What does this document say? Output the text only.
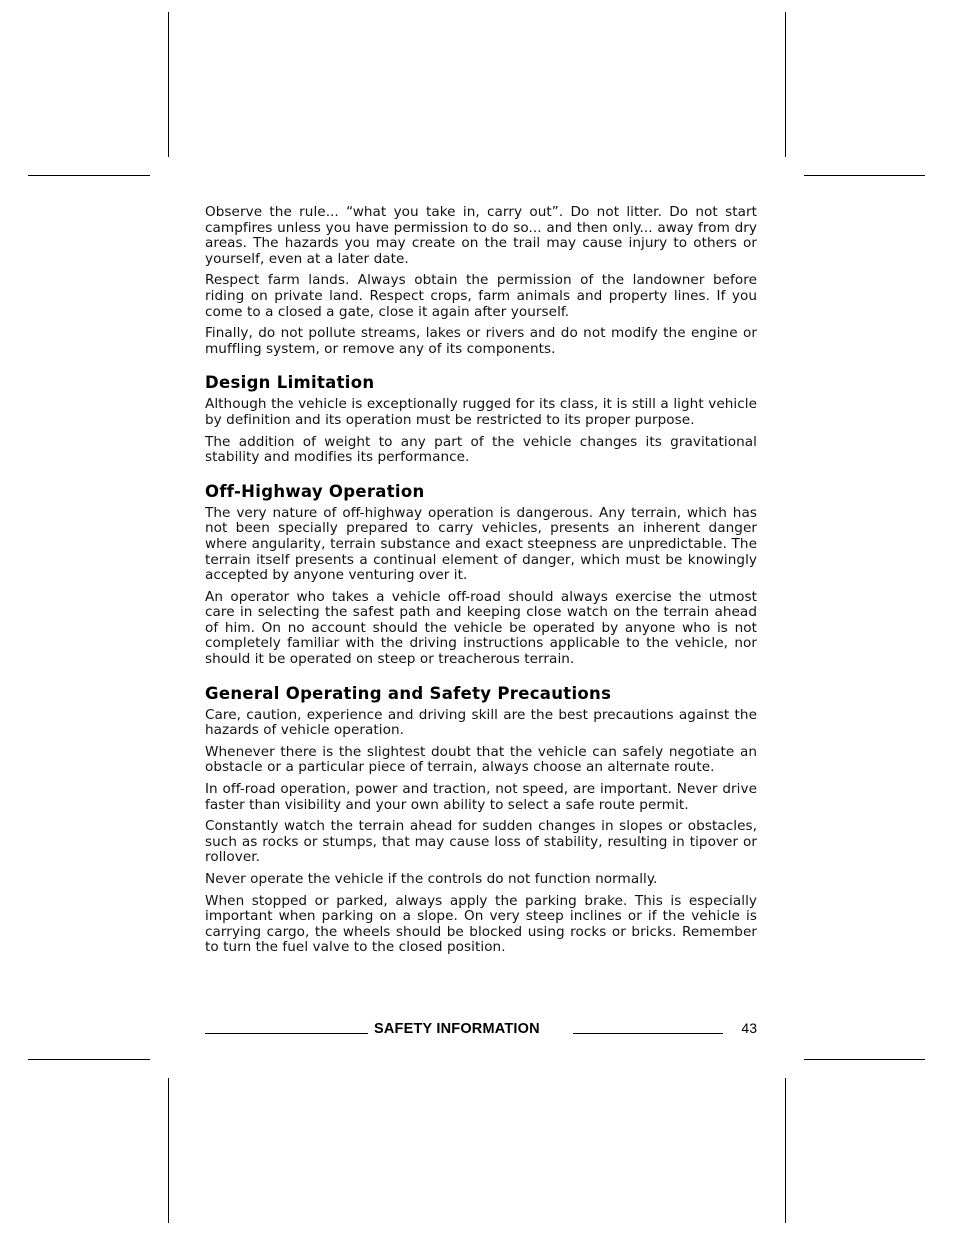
Observe the rule... “what you take in, carry out”. Do not litter. Do not start campfires unless you have permission to do so... and then only... away from dry areas. The hazards you may create on the trail may cause injury to others or yourself, even at a later date.

Respect farm lands. Always obtain the permission of the landowner before riding on private land. Respect crops, farm animals and property lines. If you come to a closed a gate, close it again after yourself.

Finally, do not pollute streams, lakes or rivers and do not modify the engine or muffling system, or remove any of its components.

Design Limitation

Although the vehicle is exceptionally rugged for its class, it is still a light vehicle by definition and its operation must be restricted to its proper purpose.

The addition of weight to any part of the vehicle changes its gravitational stability and modifies its performance.

Off-Highway Operation

The very nature of off-highway operation is dangerous. Any terrain, which has not been specially prepared to carry vehicles, presents an inherent danger where angularity, terrain substance and exact steepness are unpredictable. The terrain itself presents a continual element of danger, which must be knowingly accepted by anyone venturing over it.

An operator who takes a vehicle off-road should always exercise the utmost care in selecting the safest path and keeping close watch on the terrain ahead of him. On no account should the vehicle be operated by anyone who is not completely familiar with the driving instructions applicable to the vehicle, nor should it be operated on steep or treacherous terrain.

General Operating and Safety Precautions

Care, caution, experience and driving skill are the best precautions against the hazards of vehicle operation.

Whenever there is the slightest doubt that the vehicle can safely negotiate an obstacle or a particular piece of terrain, always choose an alternate route.

In off-road operation, power and traction, not speed, are important. Never drive faster than visibility and your own ability to select a safe route permit.

Constantly watch the terrain ahead for sudden changes in slopes or obstacles, such as rocks or stumps, that may cause loss of stability, resulting in tipover or rollover.

Never operate the vehicle if the controls do not function normally.

When stopped or parked, always apply the parking brake. This is especially important when parking on a slope. On very steep inclines or if the vehicle is carrying cargo, the wheels should be blocked using rocks or bricks. Remember to turn the fuel valve to the closed position.

SAFETY INFORMATION	43
